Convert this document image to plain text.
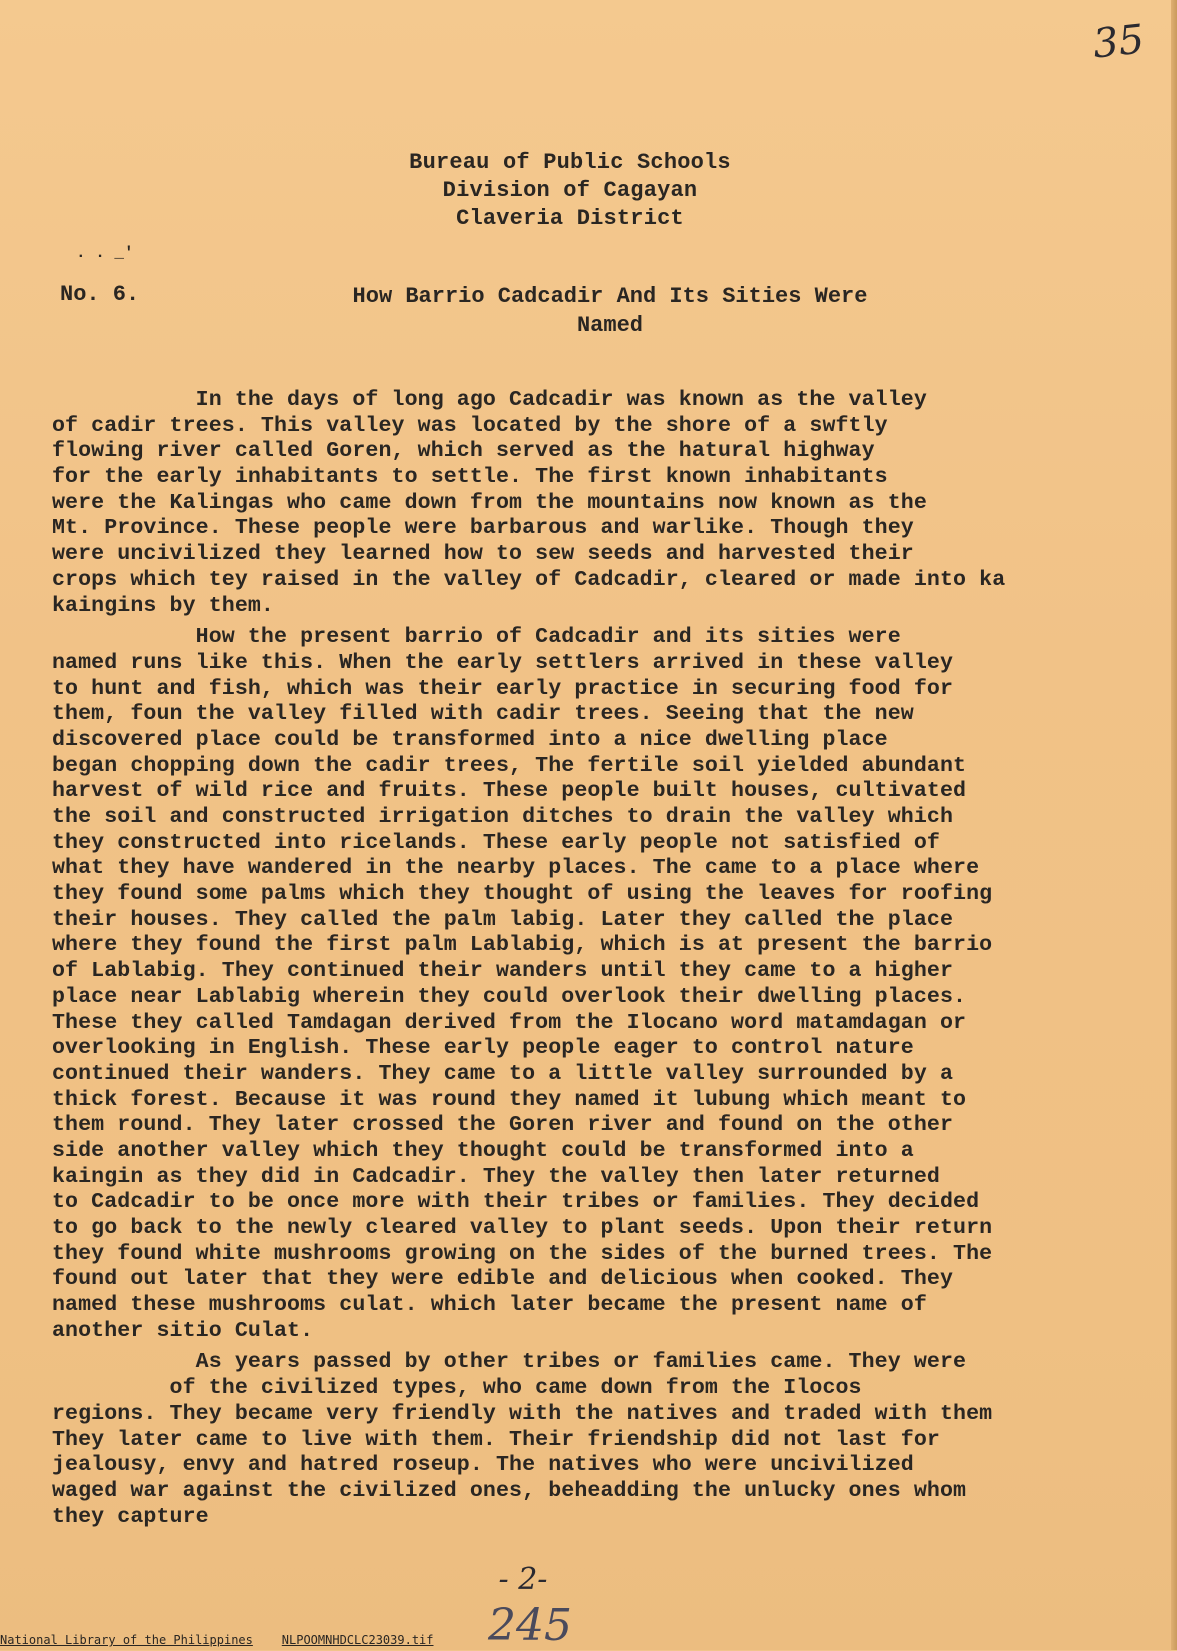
35
Bureau of Public Schools
Division of Cagayan
Claveria District
. . _'
No. 6.	How Barrio Cadcadir And Its Sities Were
Named
In the days of long ago Cadcadir was known as the valley
of cadir trees. This valley was located by the shore of a swftly
flowing river called Goren, which served as the hatural highway
for the early inhabitants to settle. The first known inhabitants
were the Kalingas who came down from the mountains now known as the
Mt. Province. These people were barbarous and warlike. Though they
were uncivilized they learned how to sew seeds and harvested their
crops which tey raised in the valley of Cadcadir, cleared or made into ka
kaingins by them.
How the present barrio of Cadcadir and its sities were
named runs like this. When the early settlers arrived in these valley
to hunt and fish, which was their early practice in securing food for
them, foun the valley filled with cadir trees. Seeing that the new
discovered place could be transformed into a nice dwelling place
began chopping down the cadir trees, The fertile soil yielded abundant
harvest of wild rice and fruits. These people built houses, cultivated
the soil and constructed irrigation ditches to drain the valley which
they constructed into ricelands. These early people not satisfied of
what they have wandered in the nearby places. The came to a place where
they found some palms which they thought of using the leaves for roofing
their houses. They called the palm labig. Later they called the place
where they found the first palm Lablabig, which is at present the barrio
of Lablabig. They continued their wanders until they came to a higher
place near Lablabig wherein they could overlook their dwelling places.
These they called Tamdagan derived from the Ilocano word matamdagan or
overlooking in English. These early people eager to control nature
continued their wanders. They came to a little valley surrounded by a
thick forest. Because it was round they named it lubung which meant to
them round. They later crossed the Goren river and found on the other
side another valley which they thought could be transformed into a
kaingin as they did in Cadcadir. They the valley then later returned
to Cadcadir to be once more with their tribes or families. They decided
to go back to the newly cleared valley to plant seeds. Upon their return
they found white mushrooms growing on the sides of the burned trees. The
found out later that they were edible and delicious when cooked. They
named these mushrooms culat. which later became the present name of
another sitio Culat.
As years passed by other tribes or families came. They were
of the civilized types, who came down from the Ilocos
regions. They became very friendly with the natives and traded with them
They later came to live with them. Their friendship did not last for
jealousy, envy and hatred roseup. The natives who were uncivilized
waged war against the civilized ones, beheadding the unlucky ones whom
they capture
- 2-
245
National Library of the Philippines NLPOOMNHDCLC23039.tif
